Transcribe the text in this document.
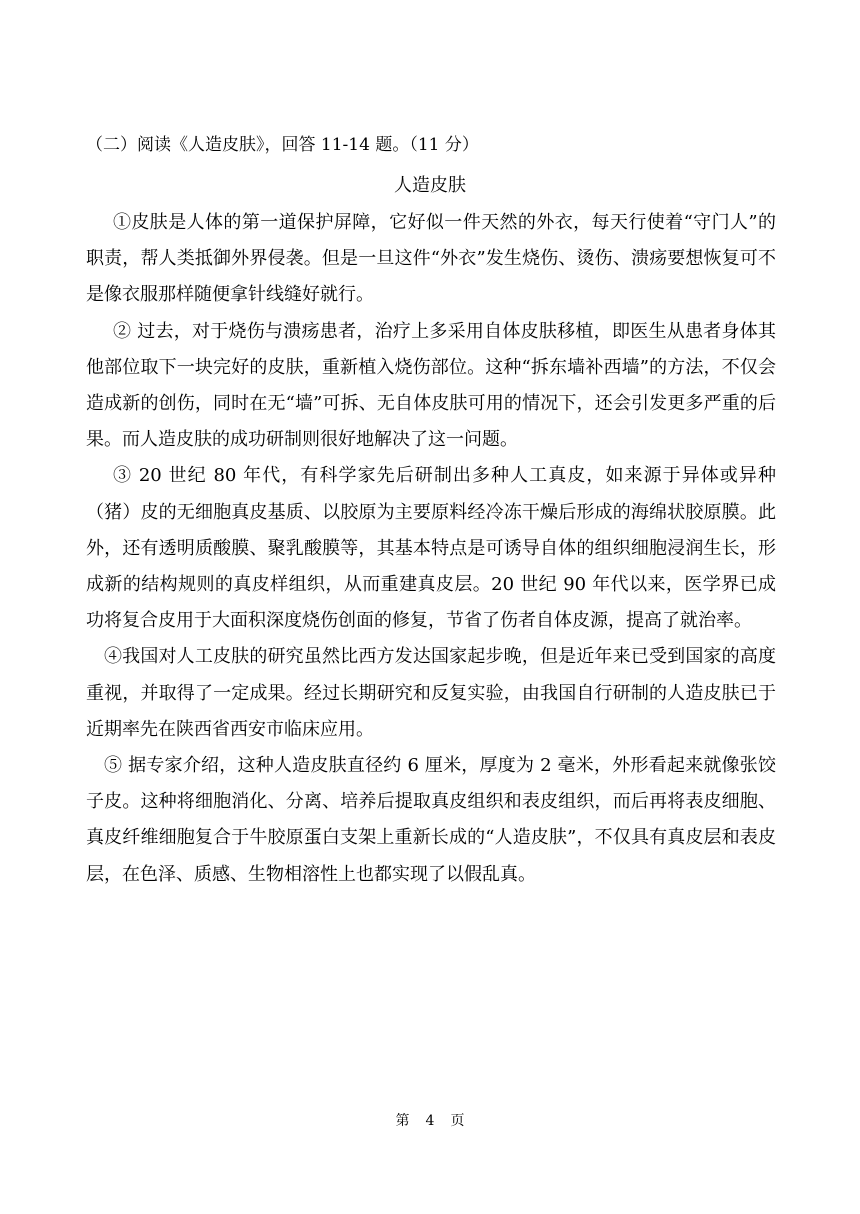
（二）阅读《人造皮肤》，回答 11-14 题。（11 分）
人造皮肤

①皮肤是人体的第一道保护屏障，它好似一件天然的外衣，每天行使着“守门人”的职责，帮人类抵御外界侵袭。但是一旦这件“外衣”发生烧伤、烫伤、溃疡要想恢复可不是像衣服那样随便拿针线缝好就行。

② 过去，对于烧伤与溃疡患者，治疗上多采用自体皮肤移植，即医生从患者身体其他部位取下一块完好的皮肤，重新植入烧伤部位。这种“拆东墙补西墙”的方法，不仅会造成新的创伤，同时在无“墙”可拆、无自体皮肤可用的情况下，还会引发更多严重的后果。而人造皮肤的成功研制则很好地解决了这一问题。

③ 20 世纪 80 年代，有科学家先后研制出多种人工真皮，如来源于异体或异种（猪）皮的无细胞真皮基质、以胶原为主要原料经冷冻干燥后形成的海绵状胶原膜。此外，还有透明质酸膜、聚乳酸膜等，其基本特点是可诱导自体的组织细胞浸润生长，形成新的结构规则的真皮样组织，从而重建真皮层。20 世纪 90 年代以来，医学界已成功将复合皮用于大面积深度烧伤创面的修复，节省了伤者自体皮源，提高了就治率。

④我国对人工皮肤的研究虽然比西方发达国家起步晚，但是近年来已受到国家的高度重视，并取得了一定成果。经过长期研究和反复实验，由我国自行研制的人造皮肤已于近期率先在陕西省西安市临床应用。

⑤ 据专家介绍，这种人造皮肤直径约 6 厘米，厚度为 2 毫米，外形看起来就像张饺子皮。这种将细胞消化、分离、培养后提取真皮组织和表皮组织，而后再将表皮细胞、真皮纤维细胞复合于牛胶原蛋白支架上重新长成的“人造皮肤”，不仅具有真皮层和表皮层，在色泽、质感、生物相溶性上也都实现了以假乱真。

第 4 页
